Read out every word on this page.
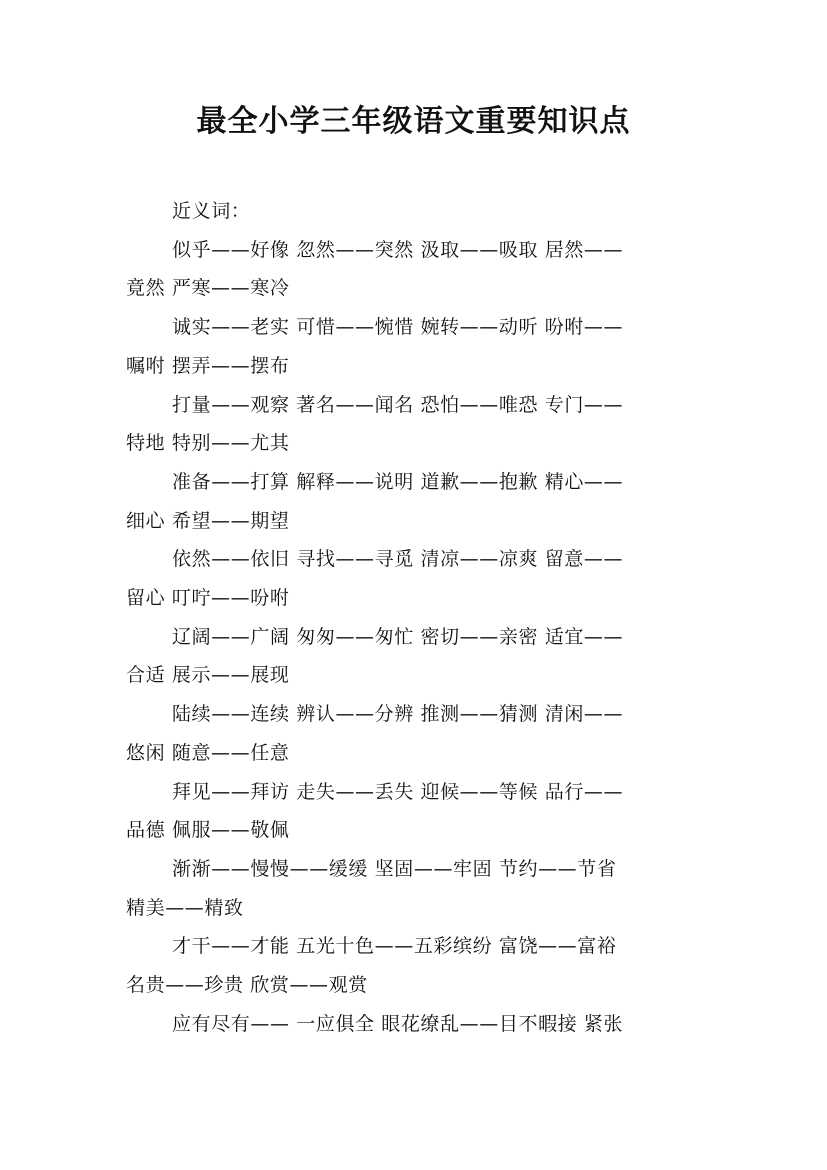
最全小学三年级语文重要知识点

近义词：

似乎——好像 忽然——突然 汲取——吸取 居然——
竟然 严寒——寒冷

诚实——老实 可惜——惋惜 婉转——动听 吩咐——
嘱咐 摆弄——摆布

打量——观察 著名——闻名 恐怕——唯恐 专门——
特地 特别——尤其

准备——打算 解释——说明 道歉——抱歉 精心——
细心 希望——期望

依然——依旧 寻找——寻觅 清凉——凉爽 留意——
留心 叮咛——吩咐

辽阔——广阔 匆匆——匆忙 密切——亲密 适宜——
合适 展示——展现

陆续——连续 辨认——分辨 推测——猜测 清闲——
悠闲 随意——任意

拜见——拜访 走失——丢失 迎候——等候 品行——
品德 佩服——敬佩

渐渐——慢慢——缓缓 坚固——牢固 节约——节省
精美——精致

才干——才能 五光十色——五彩缤纷 富饶——富裕
名贵——珍贵 欣赏——观赏

应有尽有—— 一应俱全 眼花缭乱——目不暇接 紧张
